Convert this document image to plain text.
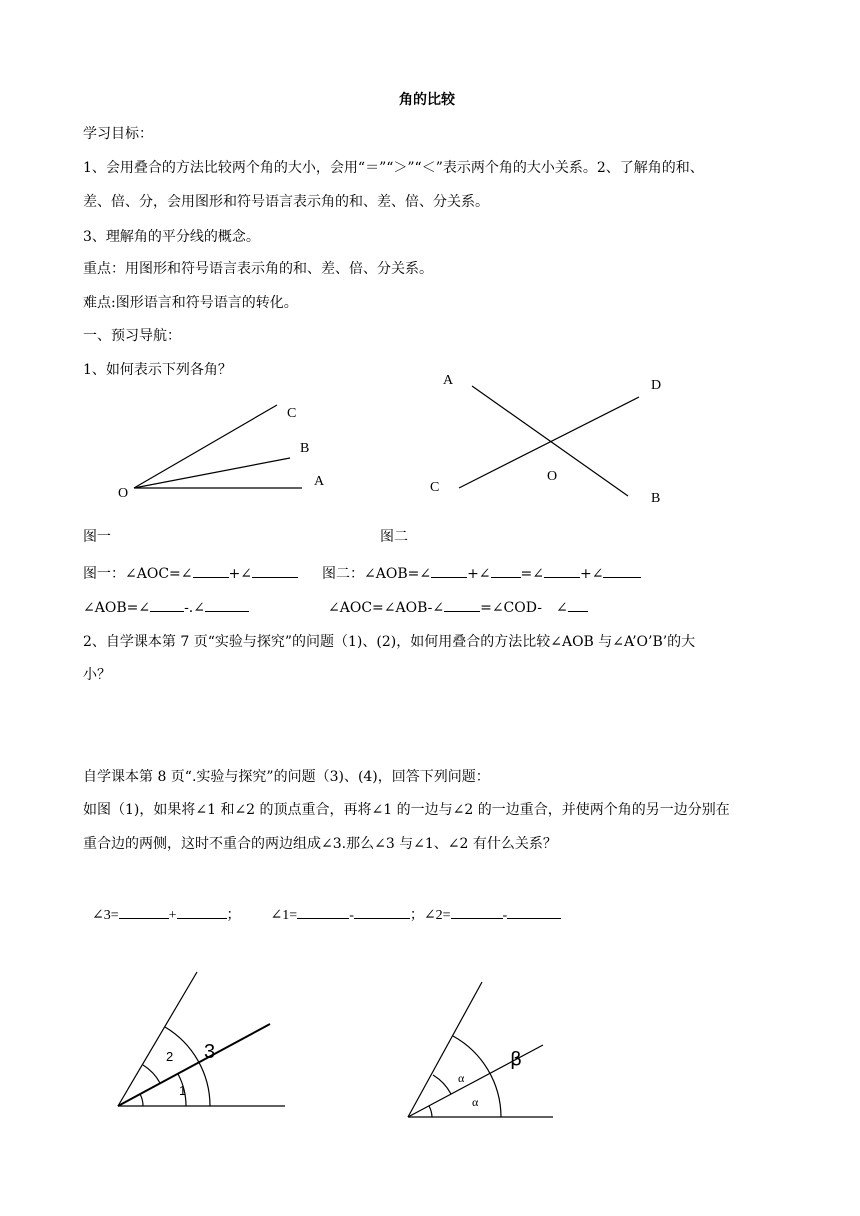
角的比较
学习目标：
1、会用叠合的方法比较两个角的大小，会用“＝”“＞”“＜”表示两个角的大小关系。2、了解角的和、
差、倍、分，会用图形和符号语言表示角的和、差、倍、分关系。
3、理解角的平分线的概念。
重点：用图形和符号语言表示角的和、差、倍、分关系。
难点:图形语言和符号语言的转化。
一、预习导航：
1、如何表示下列各角？
C
B
A
O
A	D
O
C
B
图一	图二
图一：∠AOC=∠	+∠	图二：∠AOB=∠	+∠ =∠	+∠
∠AOB=∠ -.∠	∠AOC=∠AOB-∠	=∠COD- ∠
2、自学课本第 7 页“实验与探究”的问题（1)、(2)，如何用叠合的方法比较∠AOB 与∠A’O’B’的大
小？
自学课本第 8 页“.实验与探究”的问题（3)、(4)，回答下列问题：
如图（1)，如果将∠1 和∠2 的顶点重合，再将∠1 的一边与∠2 的一边重合，并使两个角的另一边分别在
重合边的两侧，这时不重合的两边组成∠3.那么∠3 与∠1、∠2 有什么关系？
∠3=	+	； ∠1=	-	；∠2=	-
2 3
1
α
β
α
